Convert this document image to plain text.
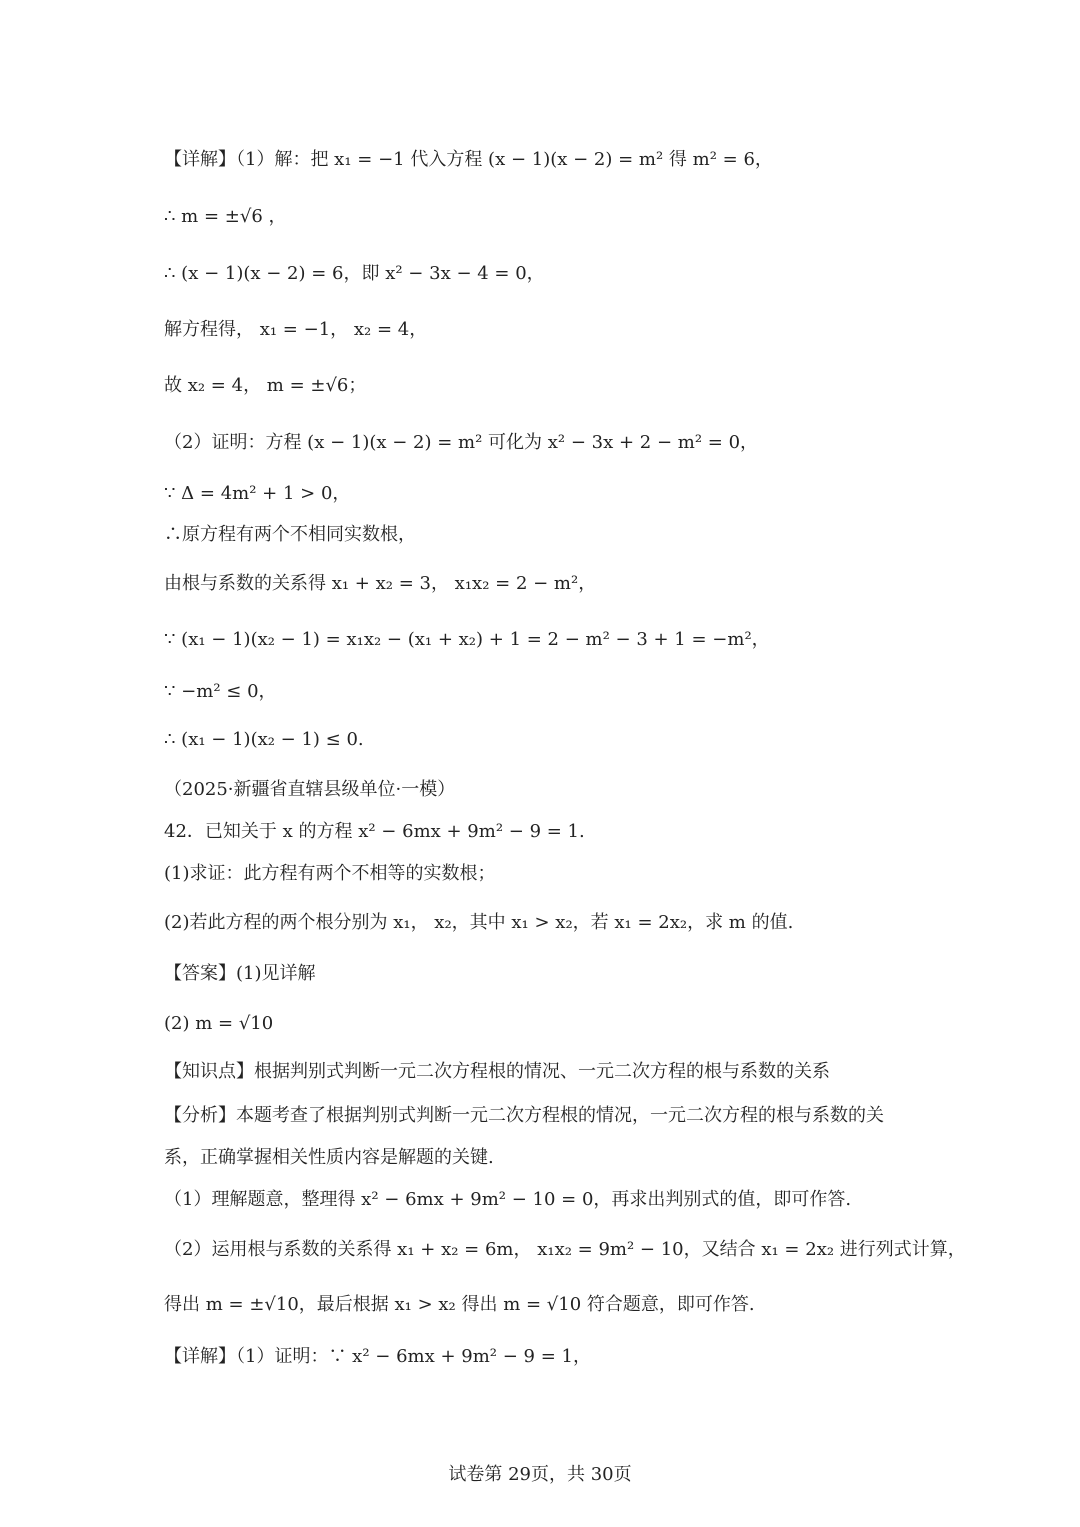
【详解】（1）解：把 x₁ = −1 代入方程 (x − 1)(x − 2) = m² 得 m² = 6，
∴ m = ±√6 ，
∴ (x − 1)(x − 2) = 6，即 x² − 3x − 4 = 0，
解方程得， x₁ = −1， x₂ = 4，
故 x₂ = 4， m = ±√6；
（2）证明：方程 (x − 1)(x − 2) = m² 可化为 x² − 3x + 2 − m² = 0，
∵ Δ = 4m² + 1 > 0，
∴原方程有两个不相同实数根，
由根与系数的关系得 x₁ + x₂ = 3， x₁x₂ = 2 − m²，
∵ (x₁ − 1)(x₂ − 1) = x₁x₂ − (x₁ + x₂) + 1 = 2 − m² − 3 + 1 = −m²，
∵ −m² ≤ 0，
∴ (x₁ − 1)(x₂ − 1) ≤ 0.
（2025·新疆省直辖县级单位·一模）
42．已知关于 x 的方程 x² − 6mx + 9m² − 9 = 1.
(1)求证：此方程有两个不相等的实数根；
(2)若此方程的两个根分别为 x₁， x₂，其中 x₁ > x₂，若 x₁ = 2x₂，求 m 的值.
【答案】(1)见详解
(2) m = √10
【知识点】根据判别式判断一元二次方程根的情况、一元二次方程的根与系数的关系
【分析】本题考查了根据判别式判断一元二次方程根的情况，一元二次方程的根与系数的关
系，正确掌握相关性质内容是解题的关键.
（1）理解题意，整理得 x² − 6mx + 9m² − 10 = 0，再求出判别式的值，即可作答.
（2）运用根与系数的关系得 x₁ + x₂ = 6m， x₁x₂ = 9m² − 10，又结合 x₁ = 2x₂ 进行列式计算，
得出 m = ±√10，最后根据 x₁ > x₂ 得出 m = √10 符合题意，即可作答.
【详解】（1）证明：∵ x² − 6mx + 9m² − 9 = 1，
试卷第 29页，共 30页
